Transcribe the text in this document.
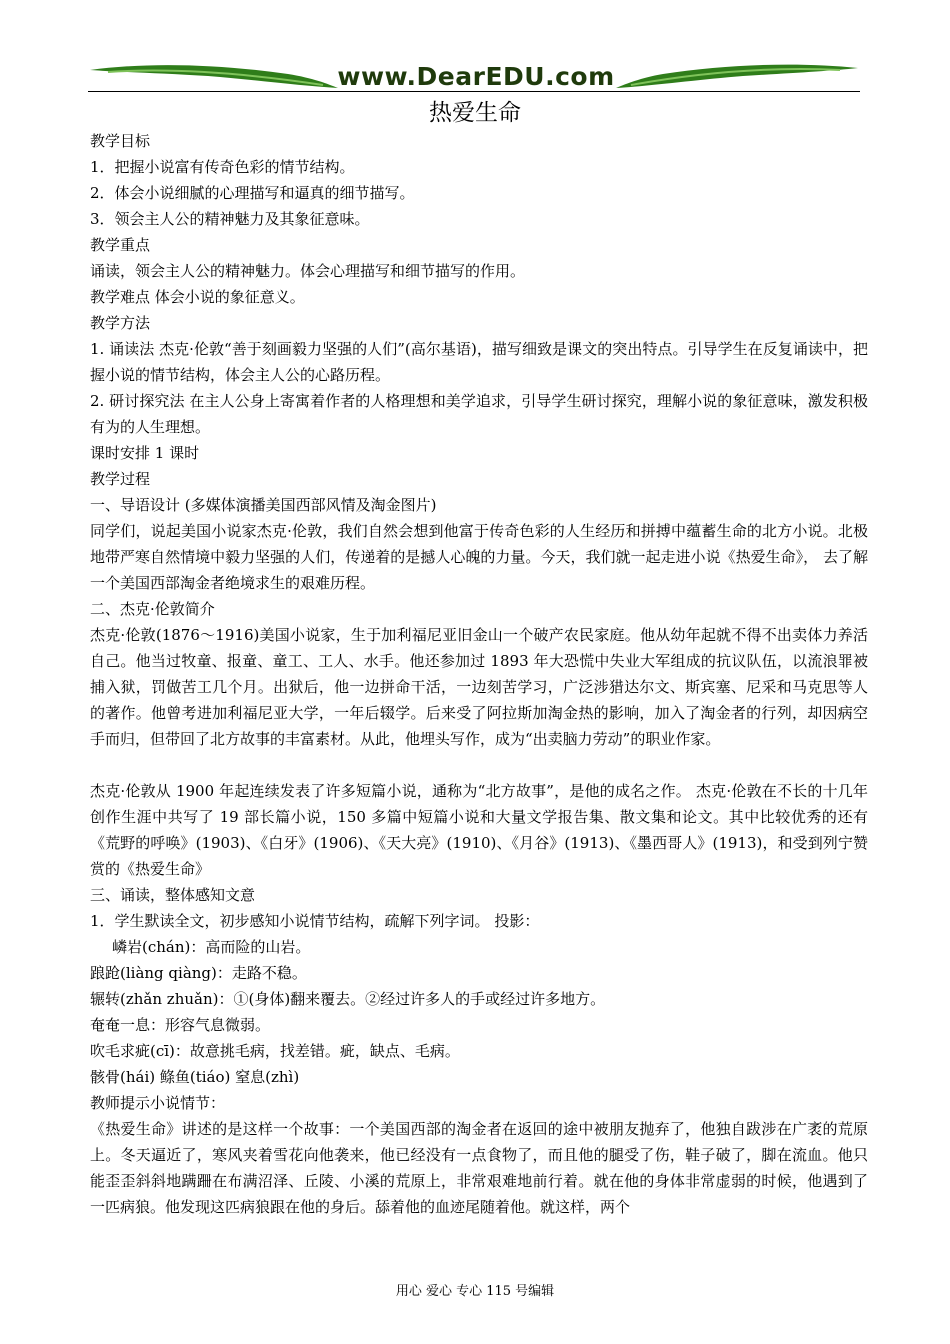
www.DearEDU.com
热爱生命

教学目标

1．把握小说富有传奇色彩的情节结构。

2．体会小说细腻的心理描写和逼真的细节描写。

3．领会主人公的精神魅力及其象征意味。

教学重点

诵读，领会主人公的精神魅力。体会心理描写和细节描写的作用。

教学难点 体会小说的象征意义。

教学方法

1. 诵读法 杰克·伦敦“善于刻画毅力坚强的人们”(高尔基语)，描写细致是课文的突出特点。引导学生在反复诵读中，把握小说的情节结构，体会主人公的心路历程。

2. 研讨探究法 在主人公身上寄寓着作者的人格理想和美学追求，引导学生研讨探究，理解小说的象征意味，激发积极有为的人生理想。

课时安排 1 课时

教学过程

一、导语设计 (多媒体演播美国西部风情及淘金图片)

同学们，说起美国小说家杰克·伦敦，我们自然会想到他富于传奇色彩的人生经历和拼搏中蕴蓄生命的北方小说。北极地带严寒自然情境中毅力坚强的人们，传递着的是撼人心魄的力量。今天，我们就一起走进小说《热爱生命》， 去了解一个美国西部淘金者绝境求生的艰难历程。

二、杰克·伦敦简介

杰克·伦敦(1876～1916)美国小说家，生于加利福尼亚旧金山一个破产农民家庭。他从幼年起就不得不出卖体力养活自己。他当过牧童、报童、童工、工人、水手。他还参加过 1893 年大恐慌中失业大军组成的抗议队伍，以流浪罪被捕入狱，罚做苦工几个月。出狱后，他一边拼命干活，一边刻苦学习，广泛涉猎达尔文、斯宾塞、尼采和马克思等人的著作。他曾考进加利福尼亚大学，一年后辍学。后来受了阿拉斯加淘金热的影响，加入了淘金者的行列，却因病空手而归，但带回了北方故事的丰富素材。从此，他埋头写作，成为“出卖脑力劳动”的职业作家。

杰克·伦敦从 1900 年起连续发表了许多短篇小说，通称为“北方故事”，是他的成名之作。 杰克·伦敦在不长的十几年创作生涯中共写了 19 部长篇小说，150 多篇中短篇小说和大量文学报告集、散文集和论文。其中比较优秀的还有《荒野的呼唤》(1903)、《白牙》(1906)、《天大亮》(1910)、《月谷》(1913)、《墨西哥人》(1913)，和受到列宁赞赏的《热爱生命》

三、诵读，整体感知文意

1．学生默读全文，初步感知小说情节结构，疏解下列字词。 投影：

嶙岩(chán)：高而险的山岩。

踉跄(liàng qiàng)：走路不稳。

辗转(zhǎn zhuǎn)：①(身体)翻来覆去。②经过许多人的手或经过许多地方。

奄奄一息：形容气息微弱。

吹毛求疵(cī)：故意挑毛病，找差错。疵，缺点、毛病。

骸骨(hái) 鲦鱼(tiáo) 窒息(zhì)

教师提示小说情节：

《热爱生命》讲述的是这样一个故事：一个美国西部的淘金者在返回的途中被朋友抛弃了，他独自跋涉在广袤的荒原上。冬天逼近了，寒风夹着雪花向他袭来，他已经没有一点食物了，而且他的腿受了伤，鞋子破了，脚在流血。他只能歪歪斜斜地蹒跚在布满沼泽、丘陵、小溪的荒原上，非常艰难地前行着。就在他的身体非常虚弱的时候，他遇到了一匹病狼。他发现这匹病狼跟在他的身后。舔着他的血迹尾随着他。就这样，两个

用心 爱心 专心 115 号编辑
